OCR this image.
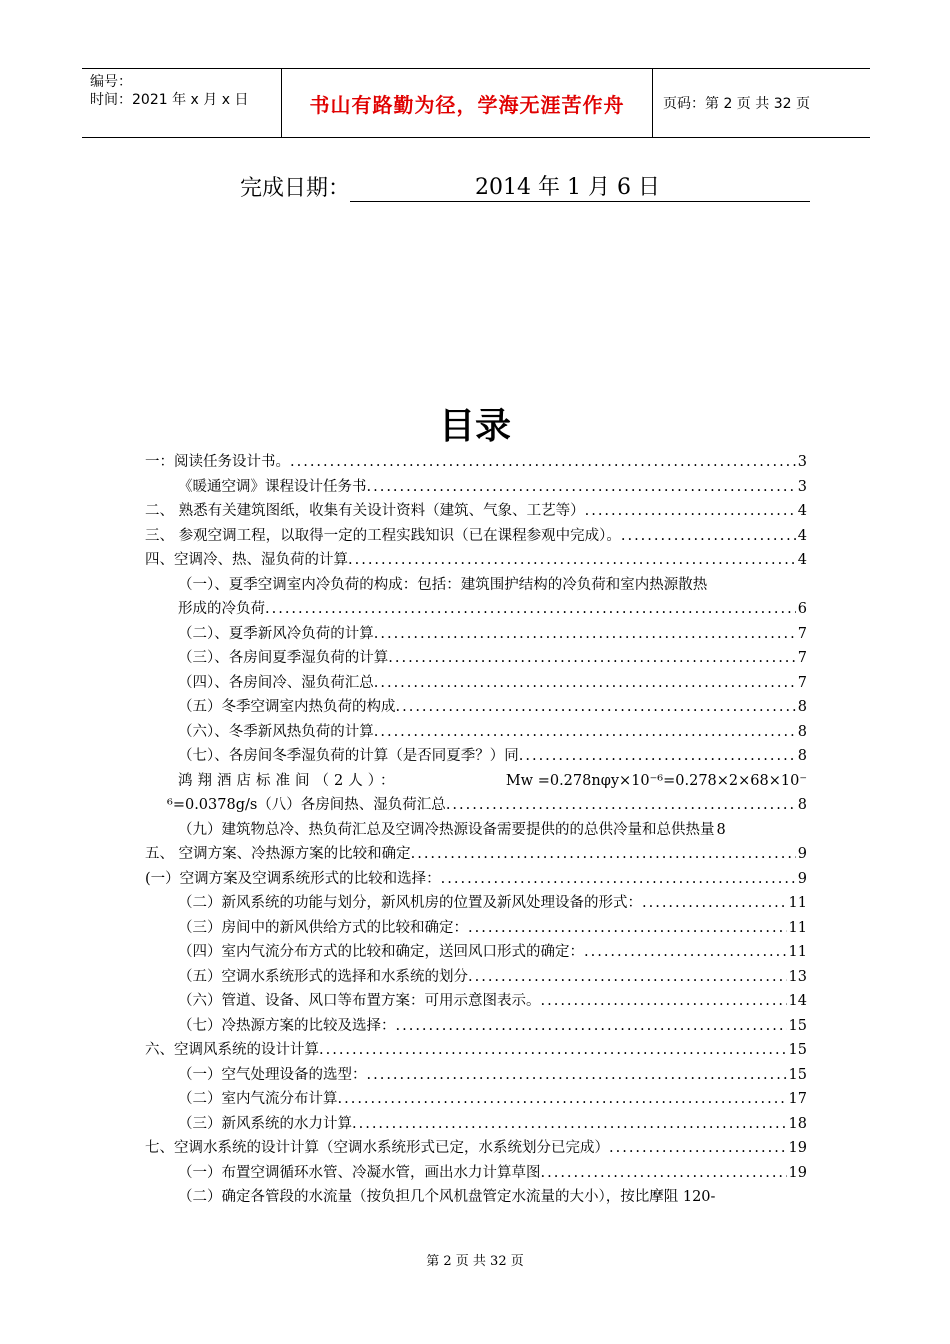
编号：
时间：2021 年 x 月 x 日	书山有路勤为径，学海无涯苦作舟	页码：第 2 页 共 32 页
完成日期：	2014 年 1 月 6 日
目录
一：阅读任务设计书。 .....	3
《暖通空调》课程设计任务书 .....	3
二、 熟悉有关建筑图纸，收集有关设计资料（建筑、气象、工艺等） .....	4
三、 参观空调工程，以取得一定的工程实践知识（已在课程参观中完成）。 .....	4
四、空调冷、热、湿负荷的计算 .....	4
（一）、夏季空调室内冷负荷的构成：包括：建筑围护结构的冷负荷和室内热源散热
形成的冷负荷 .....	6
（二）、夏季新风冷负荷的计算 .....	7
（三）、各房间夏季湿负荷的计算 .....	7
（四）、各房间冷、湿负荷汇总 .....	7
（五）冬季空调室内热负荷的构成 .....	8
（六）、冬季新风热负荷的计算 .....	8
（七）、各房间冬季湿负荷的计算（是否同夏季？）同 .....	8
鸿翔酒店标准间（2人）：	Mw =0.278nφy×10⁻⁶=0.278×2×68×10⁻
⁶=0.0378g/s（八）各房间热、湿负荷汇总 .....	8
（九）建筑物总冷、热负荷汇总及空调冷热源设备需要提供的的总供冷量和总供热量 8
五、 空调方案、冷热源方案的比较和确定 .....	9
(一）空调方案及空调系统形式的比较和选择： .....	9
（二）新风系统的功能与划分，新风机房的位置及新风处理设备的形式： .....	11
（三）房间中的新风供给方式的比较和确定： .....	11
（四）室内气流分布方式的比较和确定，送回风口形式的确定： .....	11
（五）空调水系统形式的选择和水系统的划分 .....	13
（六）管道、设备、风口等布置方案：可用示意图表示。 .....	14
（七）冷热源方案的比较及选择： .....	15
六、空调风系统的设计计算 .....	15
（一）空气处理设备的选型： .....	15
（二）室内气流分布计算 .....	17
（三）新风系统的水力计算 .....	18
七、空调水系统的设计计算（空调水系统形式已定，水系统划分已完成） .....	19
（一）布置空调循环水管、冷凝水管，画出水力计算草图 .....	19
（二）确定各管段的水流量（按负担几个风机盘管定水流量的大小），按比摩阻 120-
第 2 页 共 32 页
